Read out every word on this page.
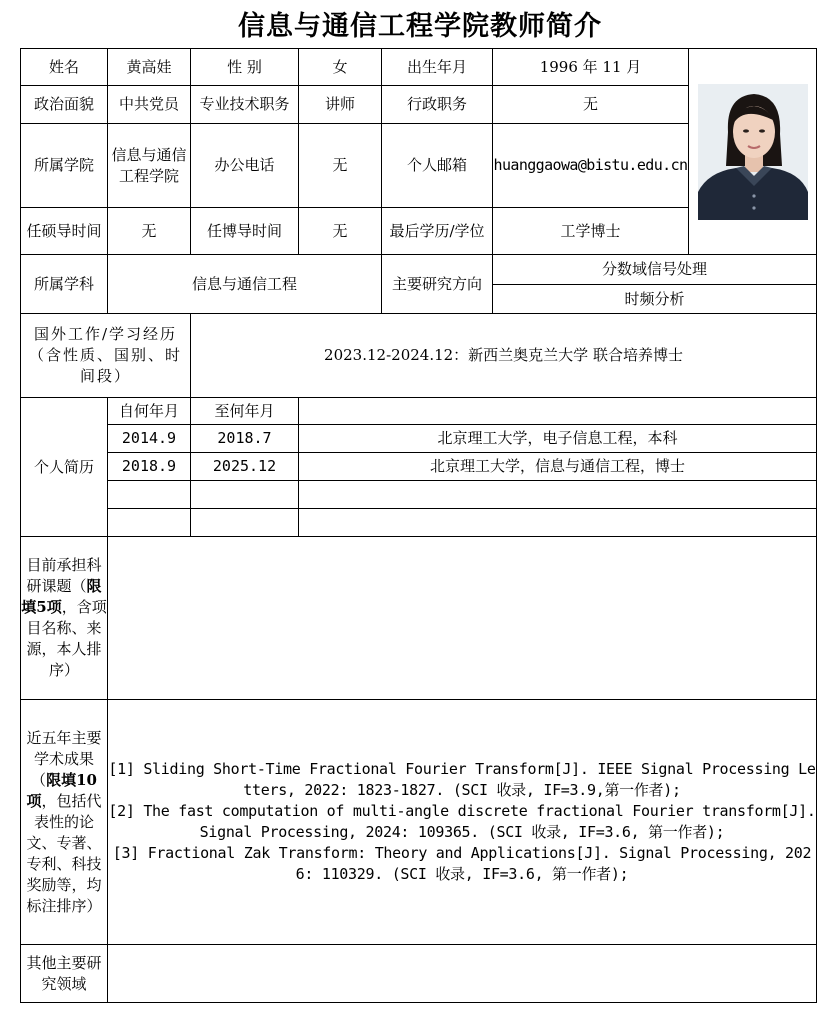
信息与通信工程学院教师简介
姓名	黄高娃	性 别	女	出生年月	1996 年 11 月	

政治面貌	中共党员	专业技术职务	讲师	行政职务	无	
所属学院	信息与通信工程学院	办公电话	无	个人邮箱	huanggaowa@bistu.edu.cn	
任硕导时间	无	任博导时间	无	最后学历/学位	工学博士	
所属学科	信息与通信工程			主要研究方向	分数域信号处理	
					时频分析	
国外工作/学习经历（含性质、国别、时间段）		2023.12-2024.12：新西兰奥克兰大学 联合培养博士				
个人简历	自何年月	至何年月				
	2014.9	2018.7	北京理工大学，电子信息工程，本科			
	2018.9	2025.12	北京理工大学，信息与通信工程，博士			

目前承担科研课题（限填5项，含项目名称、来源，本人排序）						
近五年主要学术成果（限填10项，包括代表性的论文、专著、专利、科技奖励等，均标注排序）	[1] Sliding Short-Time Fractional Fourier Transform[J]. IEEE Signal Processing Letters, 2022: 1823-1827. (SCI 收录, IF=3.9,第一作者);

[2] The fast computation of multi-angle discrete fractional Fourier transform[J]. Signal Processing, 2024: 109365. (SCI 收录, IF=3.6, 第一作者);

[3] Fractional Zak Transform: Theory and Applications[J]. Signal Processing, 2026: 110329. (SCI 收录, IF=3.6, 第一作者);					

其他主要研究领域						
